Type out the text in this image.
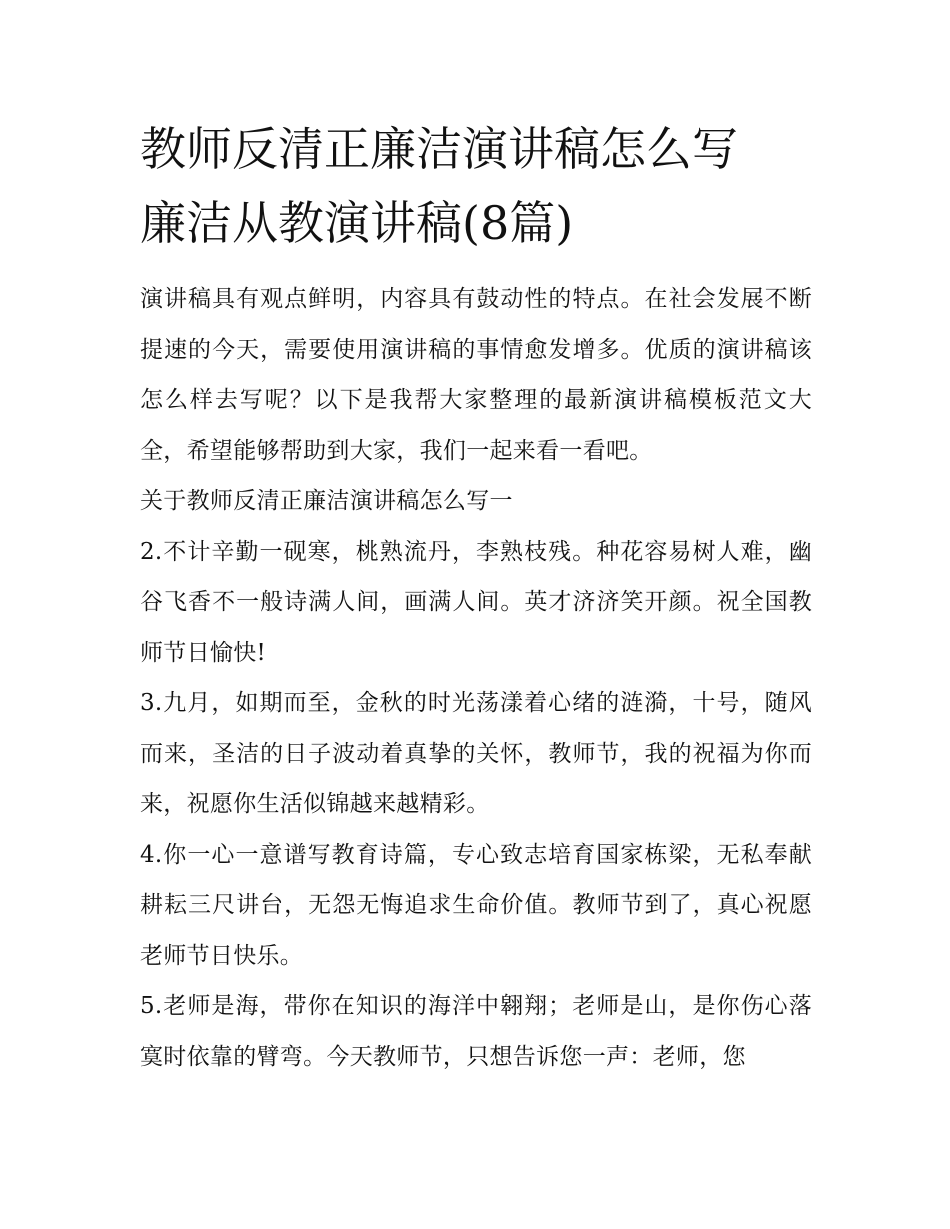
教师反清正廉洁演讲稿怎么写
廉洁从教演讲稿(8篇)

演讲稿具有观点鲜明，内容具有鼓动性的特点。在社会发展不断提速的今天，需要使用演讲稿的事情愈发增多。优质的演讲稿该怎么样去写呢？以下是我帮大家整理的最新演讲稿模板范文大全，希望能够帮助到大家，我们一起来看一看吧。

关于教师反清正廉洁演讲稿怎么写一

2.不计辛勤一砚寒，桃熟流丹，李熟枝残。种花容易树人难，幽谷飞香不一般诗满人间，画满人间。英才济济笑开颜。祝全国教师节日愉快!

3.九月，如期而至，金秋的时光荡漾着心绪的涟漪，十号，随风而来，圣洁的日子波动着真挚的关怀，教师节，我的祝福为你而来，祝愿你生活似锦越来越精彩。

4.你一心一意谱写教育诗篇，专心致志培育国家栋梁，无私奉献耕耘三尺讲台，无怨无悔追求生命价值。教师节到了，真心祝愿老师节日快乐。

5.老师是海，带你在知识的海洋中翱翔；老师是山，是你伤心落寞时依靠的臂弯。今天教师节，只想告诉您一声：老师，您
